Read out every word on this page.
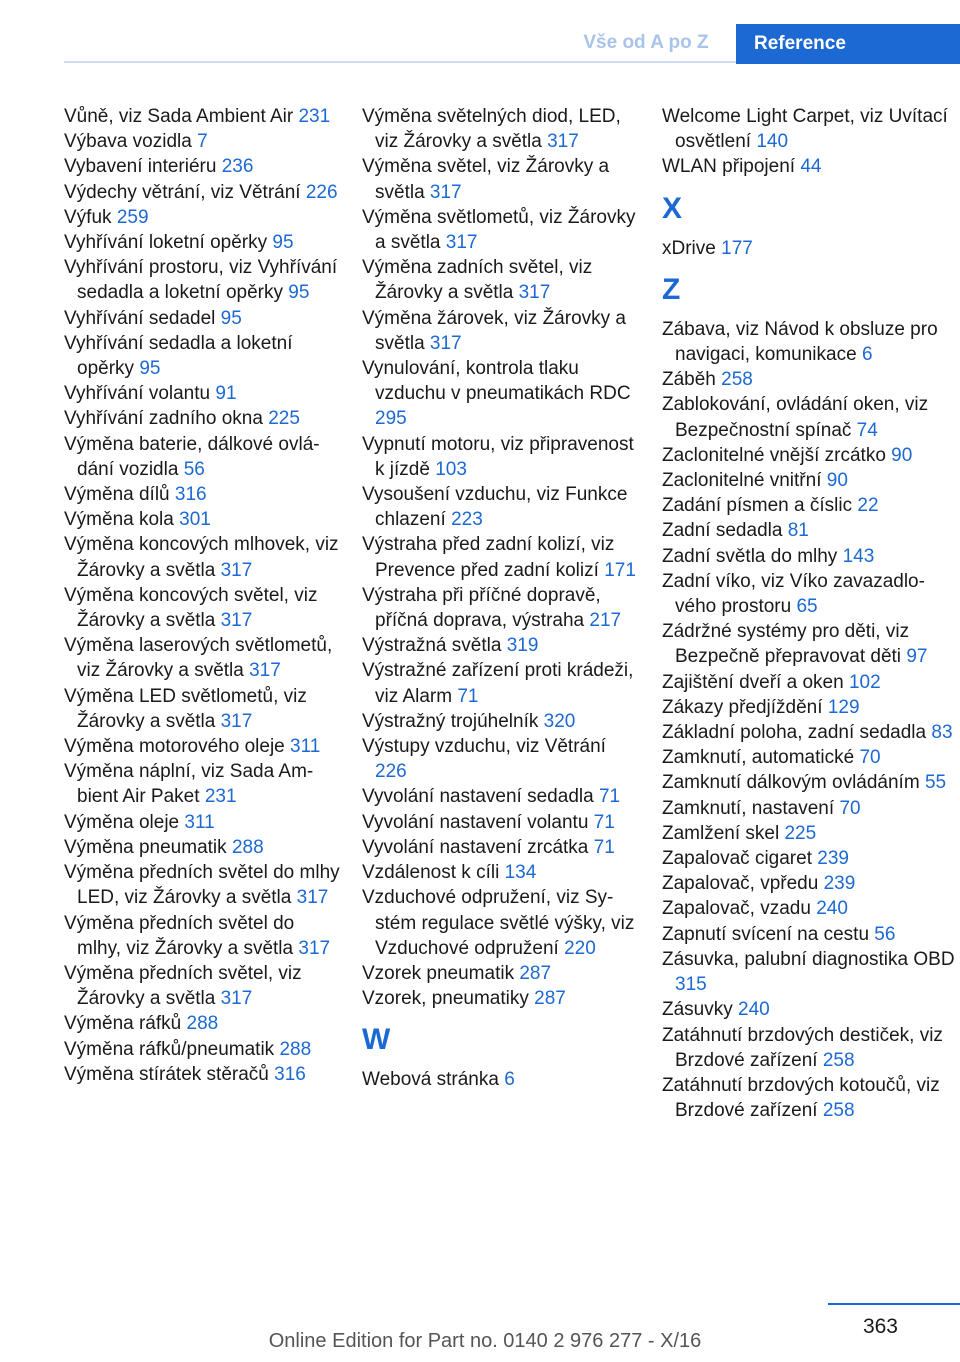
Vše od A po Z	Reference

Vůně, viz Sada Ambient Air 231

Výbava vozidla 7

Vybavení interiéru 236

Výdechy větrání, viz Větrání 226

Výfuk 259

Vyhřívání loketní opěrky 95

Vyhřívání prostoru, viz Vyhřívání sedadla a loketní opěrky 95

Vyhřívání sedadel 95

Vyhřívání sedadla a loketní opěrky 95

Vyhřívání volantu 91

Vyhřívání zadního okna 225

Výměna baterie, dálkové ovládání vozidla 56

Výměna dílů 316

Výměna kola 301

Výměna koncových mlhovek, viz Žárovky a světla 317

Výměna koncových světel, viz Žárovky a světla 317

Výměna laserových světlometů, viz Žárovky a světla 317

Výměna LED světlometů, viz Žárovky a světla 317

Výměna motorového oleje 311

Výměna náplní, viz Sada Ambient Air Paket 231

Výměna oleje 311

Výměna pneumatik 288

Výměna předních světel do mlhy LED, viz Žárovky a světla 317

Výměna předních světel do mlhy, viz Žárovky a světla 317

Výměna předních světel, viz Žárovky a světla 317

Výměna ráfků 288

Výměna ráfků/pneumatik 288

Výměna stírátek stěračů 316

Výměna světelných diod, LED, viz Žárovky a světla 317

Výměna světel, viz Žárovky a světla 317

Výměna světlometů, viz Žárovky a světla 317

Výměna zadních světel, viz Žárovky a světla 317

Výměna žárovek, viz Žárovky a světla 317

Vynulování, kontrola tlaku vzduchu v pneumatikách RDC 295

Vypnutí motoru, viz připravenost k jízdě 103

Vysoušení vzduchu, viz Funkce chlazení 223

Výstraha před zadní kolizí, viz Prevence před zadní kolizí 171

Výstraha při příčné dopravě, příčná doprava, výstraha 217

Výstražná světla 319

Výstražné zařízení proti krádeži, viz Alarm 71

Výstražný trojúhelník 320

Výstupy vzduchu, viz Větrání 226

Vyvolání nastavení sedadla 71

Vyvolání nastavení volantu 71

Vyvolání nastavení zrcátka 71

Vzdálenost k cíli 134

Vzduchové odpružení, viz Systém regulace světlé výšky, viz Vzduchové odpružení 220

Vzorek pneumatik 287

Vzorek, pneumatiky 287

W

Webová stránka 6

Welcome Light Carpet, viz Uvítací osvětlení 140

WLAN připojení 44

X

xDrive 177

Z

Zábava, viz Návod k obsluze pro navigaci, komunikace 6

Záběh 258

Zablokování, ovládání oken, viz Bezpečnostní spínač 74

Zaclonitelné vnější zrcátko 90

Zaclonitelné vnitřní 90

Zadání písmen a číslic 22

Zadní sedadla 81

Zadní světla do mlhy 143

Zadní víko, viz Víko zavazadlového prostoru 65

Zádržné systémy pro děti, viz Bezpečně přepravovat děti 97

Zajištění dveří a oken 102

Zákazy předjíždění 129

Základní poloha, zadní sedadla 83

Zamknutí, automatické 70

Zamknutí dálkovým ovládáním 55

Zamknutí, nastavení 70

Zamlžení skel 225

Zapalovač cigaret 239

Zapalovač, vpředu 239

Zapalovač, vzadu 240

Zapnutí svícení na cestu 56

Zásuvka, palubní diagnostika OBD 315

Zásuvky 240

Zatáhnutí brzdových destiček, viz Brzdové zařízení 258

Zatáhnutí brzdových kotoučů, viz Brzdové zařízení 258

363
Online Edition for Part no. 0140 2 976 277 - X/16
